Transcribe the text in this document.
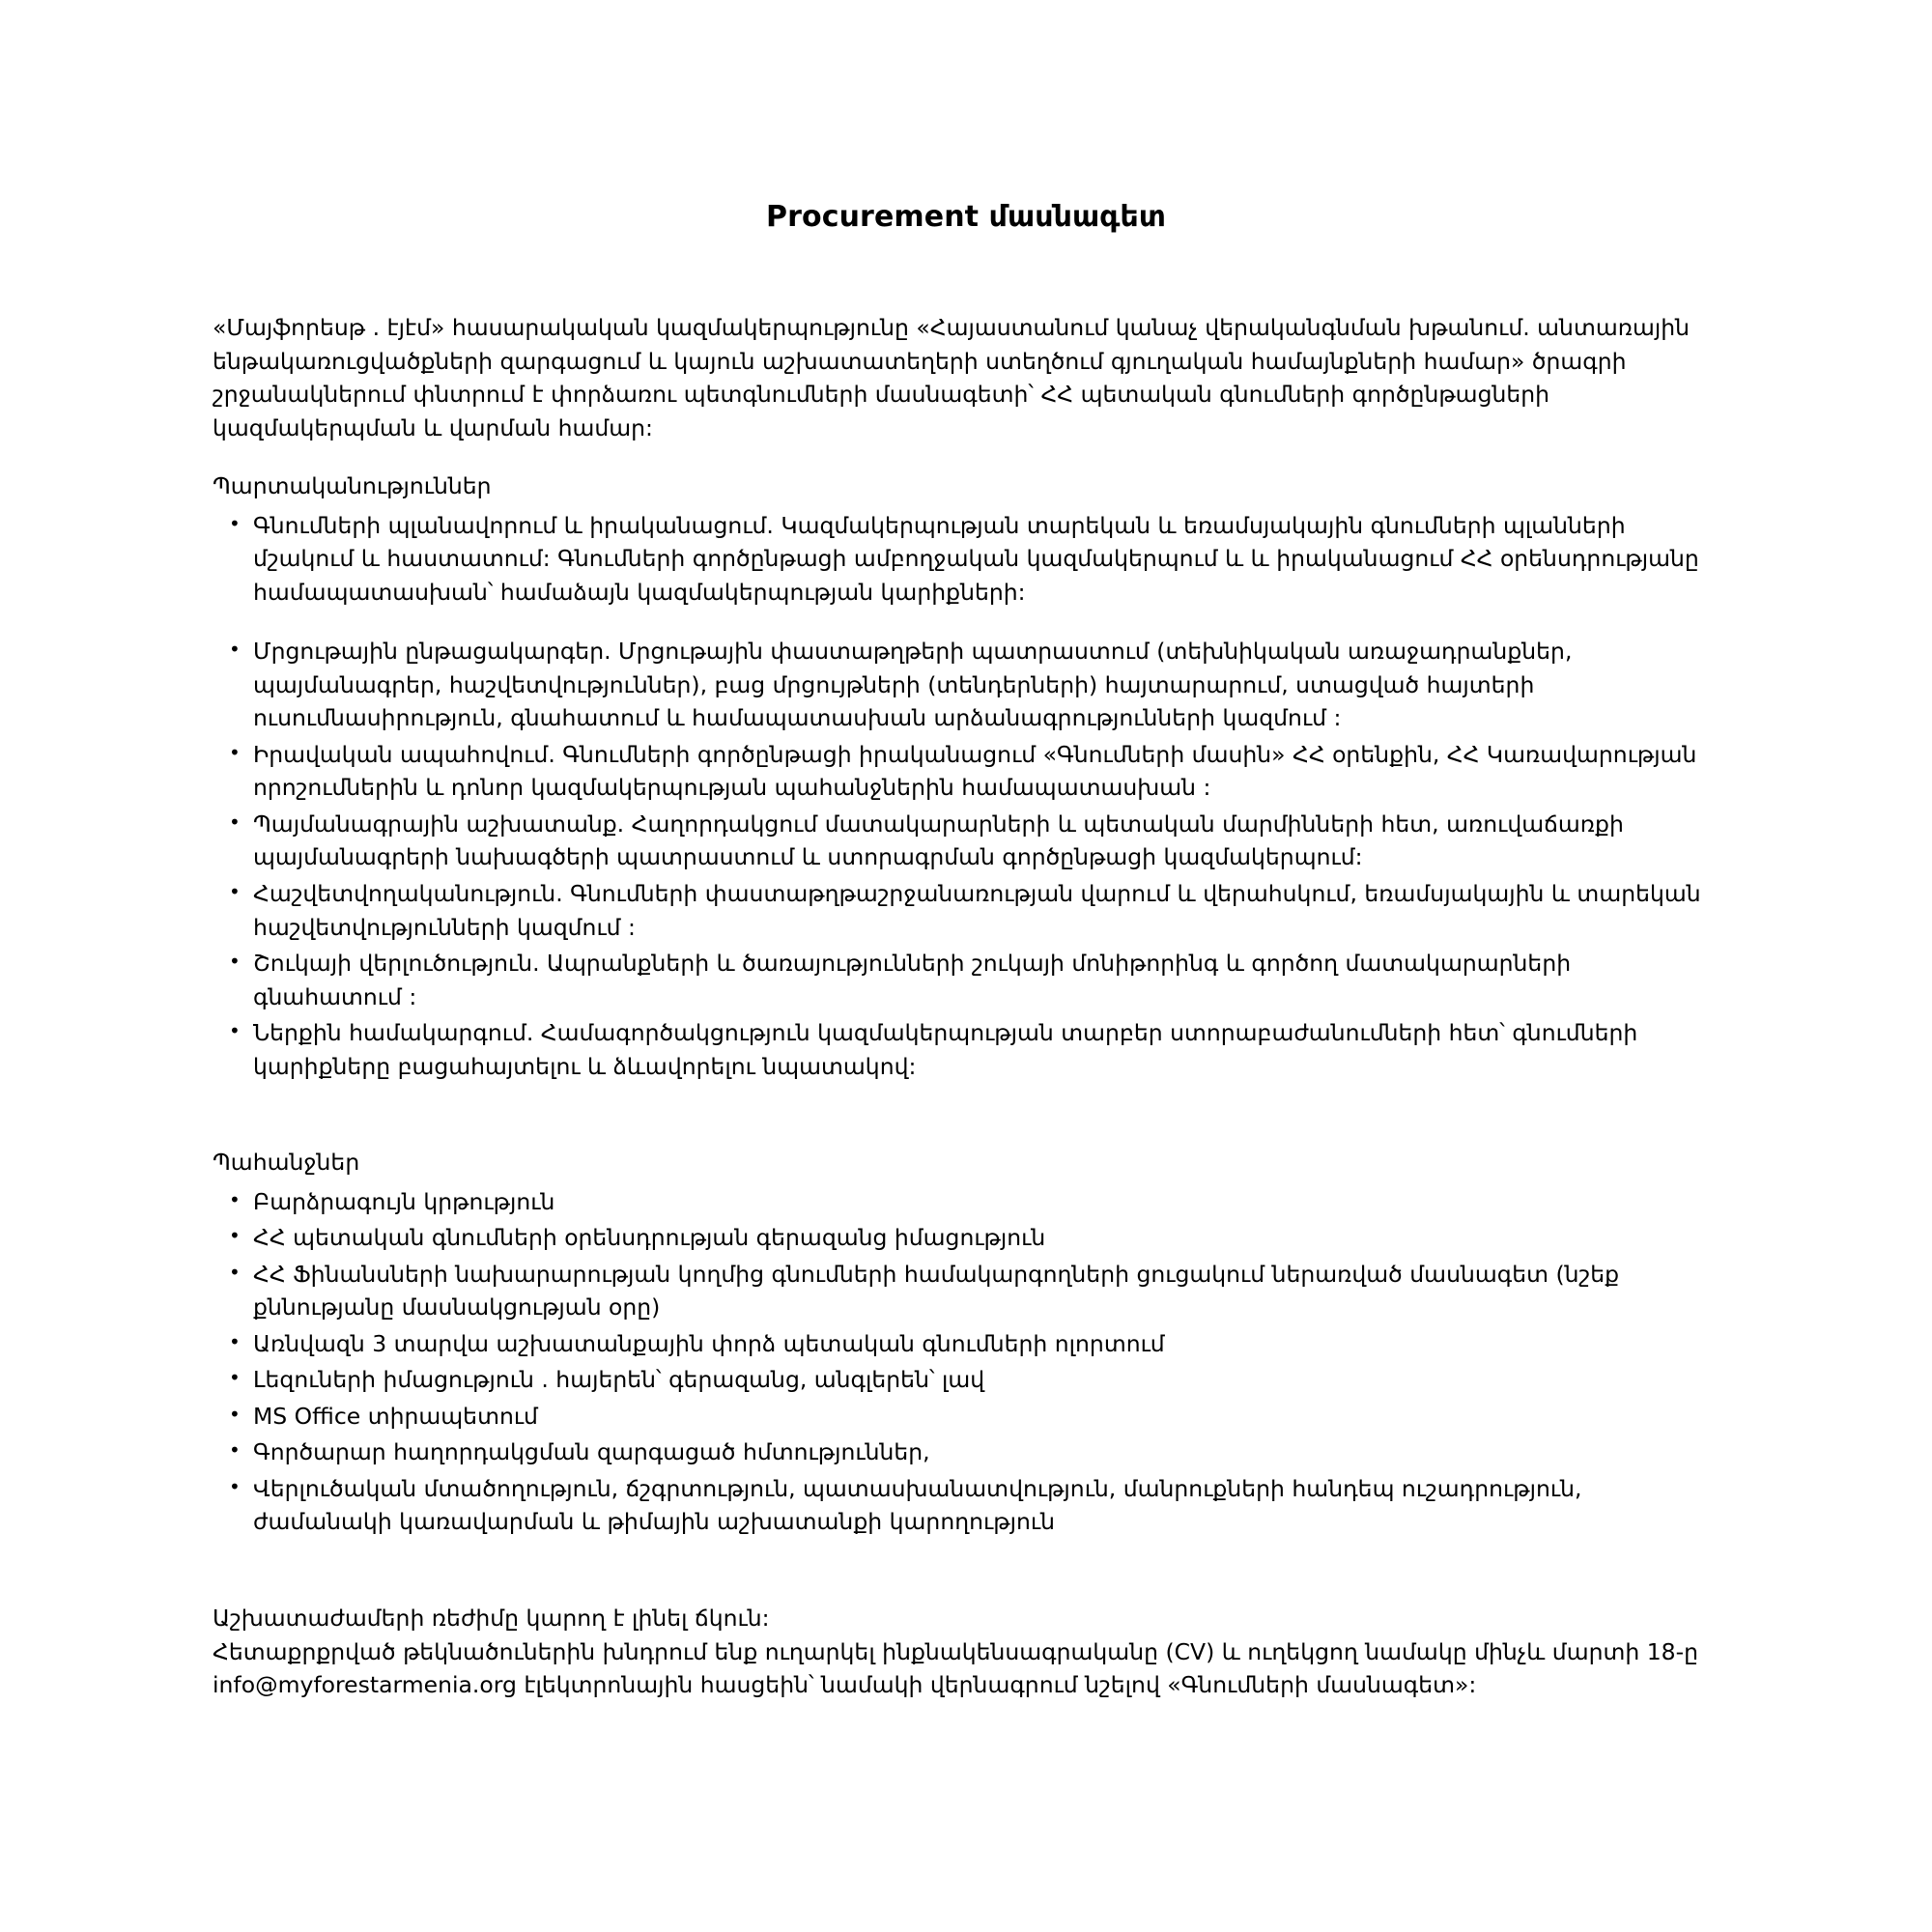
Procurement մասնագետ

«Մայֆորեսթ . էյէմ» հասարակական կազմակերպությունը «Հայաստանում կանաչ վերականգնման խթանում. անտառային ենթակառուցվածքների զարգացում և կայուն աշխատատեղերի ստեղծում գյուղական համայնքների համար» ծրագրի շրջանակներում փնտրում է փորձառու պետգնումների մասնագետի՝ ՀՀ պետական գնումների գործընթացների կազմակերպման և վարման համար:

Պարտականություններ
• Գնումների պլանավորում և իրականացում. Կազմակերպության տարեկան և եռամսյակային գնումների պլանների մշակում և հաստատում: Գնումների գործընթացի ամբողջական կազմակերպում և և իրականացում ՀՀ օրենսդրությանը համապատասխան՝ համաձայն կազմակերպության կարիքների:
• Մրցութային ընթացակարգեր. Մրցութային փաստաթղթերի պատրաստում (տեխնիկական առաջադրանքներ, պայմանագրեր, հաշվետվություններ), բաց մրցույթների (տենդերների) հայտարարում, ստացված հայտերի ուսումնասիրություն, գնահատում և համապատասխան արձանագրությունների կազմում :
• Իրավական ապահովում. Գնումների գործընթացի իրականացում «Գնումների մասին» ՀՀ օրենքին, ՀՀ Կառավարության որոշումներին և դոնոր կազմակերպության պահանջներին համապատասխան :
• Պայմանագրային աշխատանք. Հաղորդակցում մատակարարների և պետական մարմինների հետ, առուվաճառքի պայմանագրերի նախագծերի պատրաստում և ստորագրման գործընթացի կազմակերպում:
• Հաշվետվողականություն. Գնումների փաստաթղթաշրջանառության վարում և վերահսկում, եռամսյակային և տարեկան հաշվետվությունների կազմում :
• Շուկայի վերլուծություն. Ապրանքների և ծառայությունների շուկայի մոնիթորինգ և գործող մատակարարների գնահատում :
• Ներքին համակարգում. Համագործակցություն կազմակերպության տարբեր ստորաբաժանումների հետ՝ գնումների կարիքները բացահայտելու և ձևավորելու նպատակով:
Պահանջներ
• Բարձրագույն կրթություն
• ՀՀ պետական գնումների օրենսդրության գերազանց իմացություն
• ՀՀ Ֆինանսների նախարարության կողմից գնումների համակարգողների ցուցակում ներառված մասնագետ (նշեք քննությանը մասնակցության օրը)
• Առնվազն 3 տարվա աշխատանքային փորձ պետական գնումների ոլորտում
• Լեզուների իմացություն . հայերեն՝ գերազանց, անգլերեն՝ լավ
• MS Office տիրապետում
• Գործարար հաղորդակցման զարգացած հմտություններ,
• Վերլուծական մտածողություն, ճշգրտություն, պատասխանատվություն, մանրուքների հանդեպ ուշադրություն, ժամանակի կառավարման և թիմային աշխատանքի կարողություն

Աշխատաժամերի ռեժիմը կարող է լինել ճկուն:

Հետաքրքրված թեկնածուներին խնդրում ենք ուղարկել ինքնակենսագրականը (CV) և ուղեկցող նամակը մինչև մարտի 18-ը info@myforestarmenia.org էլեկտրոնային հասցեին՝ նամակի վերնագրում նշելով «Գնումների մասնագետ»:
